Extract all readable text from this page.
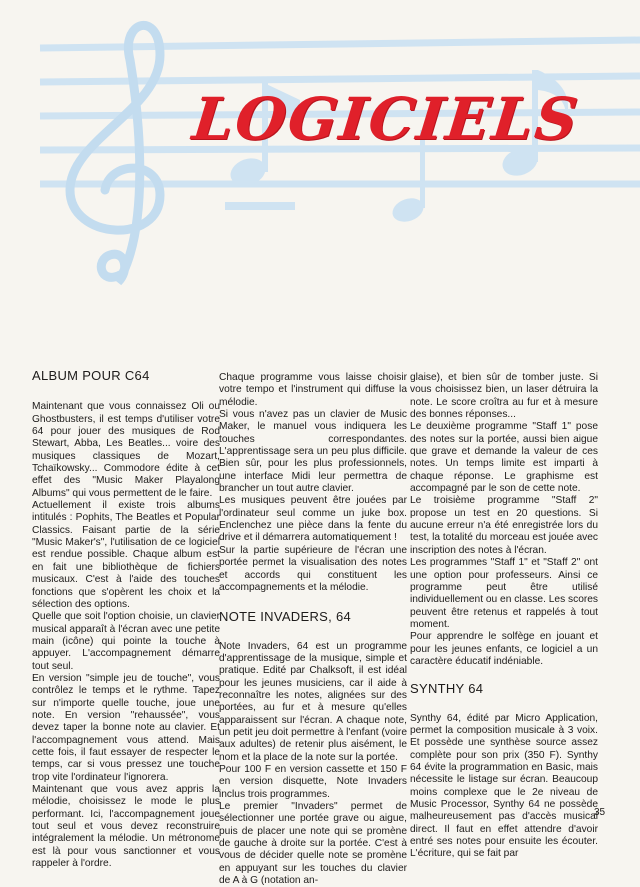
LOGICIELS
ALBUM POUR C64

Maintenant que vous connaissez Oli ou Ghostbusters, il est temps d'utiliser votre 64 pour jouer des musiques de Rod Stewart, Abba, Les Beatles... voire des musiques classiques de Mozart, Tchaïkowsky... Commodore édite à cet effet des "Music Maker Playalong Albums" qui vous permettent de le faire.

Actuellement il existe trois albums intitulés : Pophits, The Beatles et Popular Classics. Faisant partie de la série "Music Maker's", l'utilisation de ce logiciel est rendue possible. Chaque album est en fait une bibliothèque de fichiers musicaux. C'est à l'aide des touches fonctions que s'opèrent les choix et la sélection des options.

Quelle que soit l'option choisie, un clavier musical apparaît à l'écran avec une petite main (icône) qui pointe la touche à appuyer. L'accompagnement démarre tout seul.

En version "simple jeu de touche", vous contrôlez le temps et le rythme. Tapez sur n'importe quelle touche, joue une note. En version "rehaussée", vous devez taper la bonne note au clavier. Et l'accompagnement vous attend. Mais cette fois, il faut essayer de respecter le temps, car si vous pressez une touche trop vite l'ordinateur l'ignorera.

Maintenant que vous avez appris la mélodie, choisissez le mode le plus performant. Ici, l'accompagnement joue tout seul et vous devez reconstruire intégralement la mélodie. Un métronome est là pour vous sanctionner et vous rappeler à l'ordre.

Chaque programme vous laisse choisir votre tempo et l'instrument qui diffuse la mélodie.

Si vous n'avez pas un clavier de Music Maker, le manuel vous indiquera les touches correspondantes. L'apprentissage sera un peu plus difficile. Bien sûr, pour les plus professionnels, une interface Midi leur permettra de brancher un tout autre clavier.

Les musiques peuvent être jouées par l'ordinateur seul comme un juke box. Enclenchez une pièce dans la fente du drive et il démarrera automatiquement !

Sur la partie supérieure de l'écran une portée permet la visualisation des notes et accords qui constituent les accompagnements et la mélodie.

NOTE INVADERS, 64

Note Invaders, 64 est un programme d'apprentissage de la musique, simple et pratique. Edité par Chalksoft, il est idéal pour les jeunes musiciens, car il aide à reconnaître les notes, alignées sur des portées, au fur et à mesure qu'elles apparaissent sur l'écran. A chaque note, un petit jeu doit permettre à l'enfant (voire aux adultes) de retenir plus aisément, le nom et la place de la note sur la portée.

Pour 100 F en version cassette et 150 F en version disquette, Note Invaders inclus trois programmes.

Le premier "Invaders" permet de sélectionner une portée grave ou aigue, puis de placer une note qui se promène de gauche à droite sur la portée. C'est à vous de décider quelle note se promène en appuyant sur les touches du clavier de A à G (notation an-

glaise), et bien sûr de tomber juste. Si vous choisissez bien, un laser détruira la note. Le score croîtra au fur et à mesure des bonnes réponses...

Le deuxième programme "Staff 1" pose des notes sur la portée, aussi bien aigue que grave et demande la valeur de ces notes. Un temps limite est imparti à chaque réponse. Le graphisme est accompagné par le son de cette note.

Le troisième programme "Staff 2" propose un test en 20 questions. Si aucune erreur n'a été enregistrée lors du test, la totalité du morceau est jouée avec inscription des notes à l'écran.

Les programmes "Staff 1" et "Staff 2" ont une option pour professeurs. Ainsi ce programme peut être utilisé individuellement ou en classe. Les scores peuvent être retenus et rappelés à tout moment.

Pour apprendre le solfège en jouant et pour les jeunes enfants, ce logiciel a un caractère éducatif indéniable.

SYNTHY 64

Synthy 64, édité par Micro Application, permet la composition musicale à 3 voix. Et possède une synthèse source assez complète pour son prix (350 F). Synthy 64 évite la programmation en Basic, mais nécessite le listage sur écran. Beaucoup moins complexe que le 2e niveau de Music Processor, Synthy 64 ne possède malheureusement pas d'accès musical direct. Il faut en effet attendre d'avoir entré ses notes pour ensuite les écouter. L'écriture, qui se fait par

35
